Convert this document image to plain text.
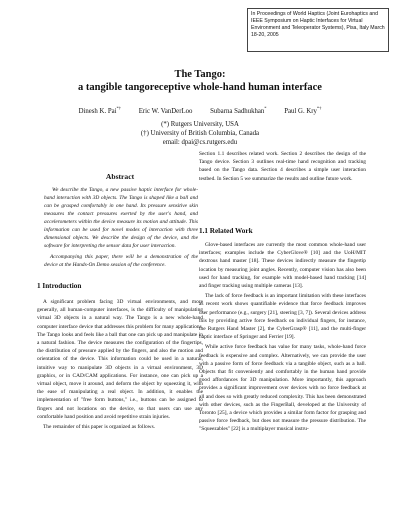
In Proceedings of World Haptics (Joint Eurohaptics and IEEE Symposium on Haptic Interfaces for Virtual Environment and Teleoperator Systems), Pisa, Italy March 18-20, 2005
The Tango:
a tangible tangoreceptive whole-hand human interface
Dinesh K. Pai*†	Eric W. VanDerLoo	Subarna Sadhukhan*	Paul G. Kry*†
(*) Rutgers University, USA
(†) University of British Columbia, Canada
email: dpai@cs.rutgers.edu
Abstract

We describe the Tango, a new passive haptic interface for whole-hand interaction with 3D objects. The Tango is shaped like a ball and can be grasped comfortably in one hand. Its pressure sensitive skin measures the contact pressures exerted by the user's hand, and accelerometers within the device measure its motion and attitude. This information can be used for novel modes of interaction with three dimensional objects. We describe the design of the device, and the software for interpreting the sensor data for user interaction.

Accompanying this paper, there will be a demonstration of the device at the Hands-On Demo session of the conference.

1 Introduction

A significant problem facing 3D virtual environments, and more generally, all human-computer interfaces, is the difficulty of manipulating virtual 3D objects in a natural way. The Tango is a new whole-hand computer interface device that addresses this problem for many applications. The Tango looks and feels like a ball that one can pick up and manipulate in a natural fashion. The device measures the configuration of the fingertips, the distribution of pressure applied by the fingers, and also the motion and orientation of the device. This information could be used in a natural, intuitive way to manipulate 3D objects in a virtual environment, 3D graphics, or in CAD/CAM applications. For instance, one can pick up a virtual object, move it around, and deform the object by squeezing it, with the ease of manipulating a real object. In addition, it enables the implementation of "free form buttons," i.e., buttons can be assigned to fingers and not locations on the device, so that users can use any comfortable hand position and avoid repetitive strain injuries.

The remainder of this paper is organized as follows.

Section 1.1 describes related work. Section 2 describes the design of the Tango device. Section 3 outlines real-time hand recognition and tracking based on the Tango data. Section 4 describes a simple user interaction testbed. In Section 5 we summarize the results and outline future work.

1.1 Related Work

Glove-based interfaces are currently the most common whole-hand user interfaces; examples include the CyberGlove® [10] and the UoH/MIT dextrous hand master [18]. These devices indirectly measure the fingertip location by measuring joint angles. Recently, computer vision has also been used for hand tracking, for example with model-based hand tracking [14] and finger tracking using multiple cameras [13].

The lack of force feedback is an important limitation with these interfaces as recent work shows quantifiable evidence that force feedback improves user performance (e.g., surgery [21], steering [3, 7]). Several devices address this by providing active force feedback on individual fingers, for instance, the Rutgers Hand Master [2], the CyberGrasp® [11], and the multi-finger haptic interface of Springer and Ferrier [19].

While active force feedback has value for many tasks, whole-hand force feedback is expensive and complex. Alternatively, we can provide the user with a passive form of force feedback via a tangible object, such as a ball. Objects that fit conveniently and comfortably in the human hand provide good affordances for 3D manipulation. More importantly, this approach provides a significant improvement over devices with no force feedback at all and does so with greatly reduced complexity. This has been demonstrated with other devices, such as the FingerBall, developed at the University of Toronto [25], a device which provides a similar form factor for grasping and passive force feedback, but does not measure the pressure distribution. The "Squeezables" [22] is a multiplayer musical instru-
